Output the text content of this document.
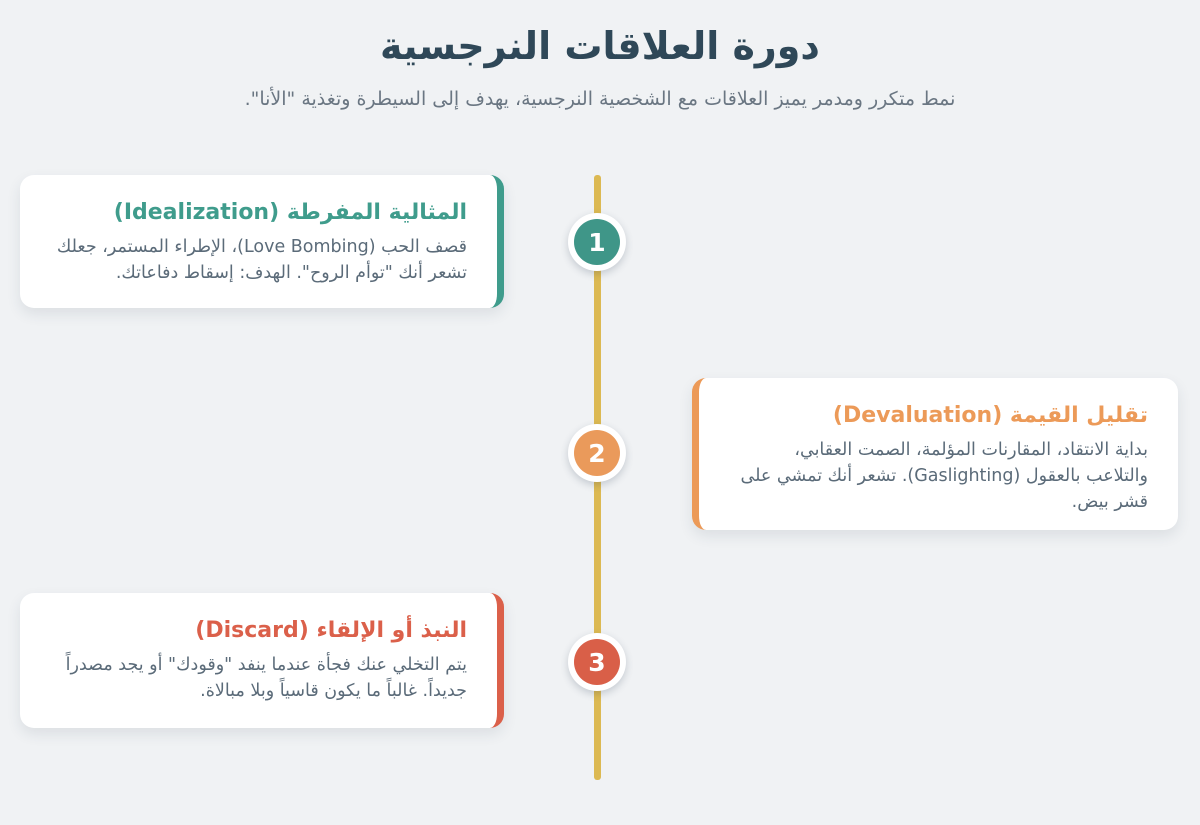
دورة العلاقات النرجسية

نمط متكرر ومدمر يميز العلاقات مع الشخصية النرجسية، يهدف إلى السيطرة وتغذية "الأنا".

المثالية المفرطة (Idealization)

قصف الحب (Love Bombing)، الإطراء المستمر، جعلك تشعر أنك "توأم الروح". الهدف: إسقاط دفاعاتك.

تقليل القيمة (Devaluation)

بداية الانتقاد، المقارنات المؤلمة، الصمت العقابي، والتلاعب بالعقول (Gaslighting). تشعر أنك تمشي على قشر بيض.

النبذ أو الإلقاء (Discard)

يتم التخلي عنك فجأة عندما ينفد "وقودك" أو يجد مصدراً جديداً. غالباً ما يكون قاسياً وبلا مبالاة.

1
2
3
